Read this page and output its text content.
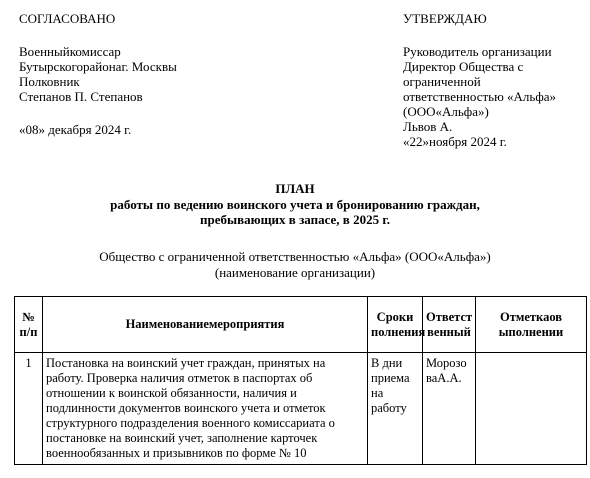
СОГЛАСОВАНО
Военныйкомиссар
Бутырскогорайонаг. Москвы
Полковник
Степанов П. Степанов
«08» декабря 2024 г.
УТВЕРЖДАЮ
Руководитель организации
Директор Общества с
ограниченной
ответственностью «Альфа»
(ООО«Альфа»)
Львов А.
«22»ноября 2024 г.
ПЛАН
работы по ведению воинского учета и бронированию граждан,
пребывающих в запасе, в 2025 г.
Общество с ограниченной ответственностью «Альфа» (ООО«Альфа»)
(наименование организации)
№ п/п	Наименованиемероприятия	Сроки полнения	Ответст венный	Отметкаов ыполнении
1	Постановка на воинский учет граждан, принятых на работу. Проверка наличия отметок в паспортах об отношении к воинской обязанности, наличия и подлинности документов воинского учета и отметок структурного подразделения военного комиссариата о постановке на воинский учет, заполнение карточек военнообязанных и призывников по форме № 10	В дни приема на работу	Морозо ваА.А.	
